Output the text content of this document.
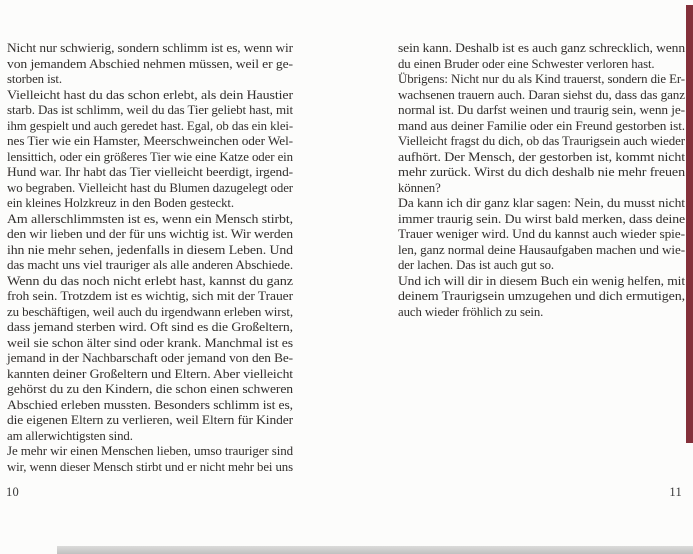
Nicht nur schwierig, sondern schlimm ist es, wenn wir
von jemandem Abschied nehmen müssen, weil er ge-
storben ist.
Vielleicht hast du das schon erlebt, als dein Haustier
starb. Das ist schlimm, weil du das Tier geliebt hast, mit
ihm gespielt und auch geredet hast. Egal, ob das ein klei-
nes Tier wie ein Hamster, Meerschweinchen oder Wel-
lensittich, oder ein größeres Tier wie eine Katze oder ein
Hund war. Ihr habt das Tier vielleicht beerdigt, irgend-
wo begraben. Vielleicht hast du Blumen dazugelegt oder
ein kleines Holzkreuz in den Boden gesteckt.
Am allerschlimmsten ist es, wenn ein Mensch stirbt,
den wir lieben und der für uns wichtig ist. Wir werden
ihn nie mehr sehen, jedenfalls in diesem Leben. Und
das macht uns viel trauriger als alle anderen Abschiede.
Wenn du das noch nicht erlebt hast, kannst du ganz
froh sein. Trotzdem ist es wichtig, sich mit der Trauer
zu beschäftigen, weil auch du irgendwann erleben wirst,
dass jemand sterben wird. Oft sind es die Großeltern,
weil sie schon älter sind oder krank. Manchmal ist es
jemand in der Nachbarschaft oder jemand von den Be-
kannten deiner Großeltern und Eltern. Aber vielleicht
gehörst du zu den Kindern, die schon einen schweren
Abschied erleben mussten. Besonders schlimm ist es,
die eigenen Eltern zu verlieren, weil Eltern für Kinder
am allerwichtigsten sind.
Je mehr wir einen Menschen lieben, umso trauriger sind
wir, wenn dieser Mensch stirbt und er nicht mehr bei uns
sein kann. Deshalb ist es auch ganz schrecklich, wenn
du einen Bruder oder eine Schwester verloren hast.
Übrigens: Nicht nur du als Kind trauerst, sondern die Er-
wachsenen trauern auch. Daran siehst du, dass das ganz
normal ist. Du darfst weinen und traurig sein, wenn je-
mand aus deiner Familie oder ein Freund gestorben ist.
Vielleicht fragst du dich, ob das Traurigsein auch wieder
aufhört. Der Mensch, der gestorben ist, kommt nicht
mehr zurück. Wirst du dich deshalb nie mehr freuen
können?
Da kann ich dir ganz klar sagen: Nein, du musst nicht
immer traurig sein. Du wirst bald merken, dass deine
Trauer weniger wird. Und du kannst auch wieder spie-
len, ganz normal deine Hausaufgaben machen und wie-
der lachen. Das ist auch gut so.
Und ich will dir in diesem Buch ein wenig helfen, mit
deinem Traurigsein umzugehen und dich ermutigen,
auch wieder fröhlich zu sein.
10	11
